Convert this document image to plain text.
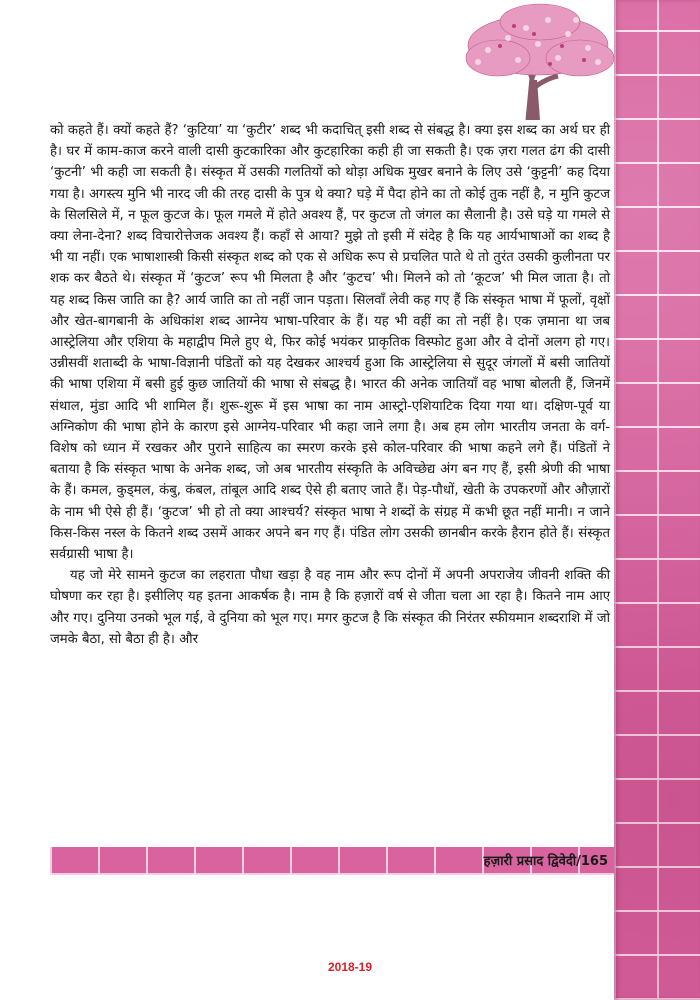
को कहते हैं। क्यों कहते हैं? ‘कुटिया’ या ‘कुटीर’ शब्द भी कदाचित् इसी शब्द से संबद्ध है। क्या इस शब्द का अर्थ घर ही है। घर में काम-काज करने वाली दासी कुटकारिका और कुटहारिका कही ही जा सकती है। एक ज़रा गलत ढंग की दासी ‘कुटनी’ भी कही जा सकती है। संस्कृत में उसकी गलतियों को थोड़ा अधिक मुखर बनाने के लिए उसे ‘कुट्टनी’ कह दिया गया है। अगस्त्य मुनि भी नारद जी की तरह दासी के पुत्र थे क्या? घड़े में पैदा होने का तो कोई तुक नहीं है, न मुनि कुटज के सिलसिले में, न फूल कुटज के। फूल गमले में होते अवश्य हैं, पर कुटज तो जंगल का सैलानी है। उसे घड़े या गमले से क्या लेना-देना? शब्द विचारोत्तेजक अवश्य हैं। कहाँ से आया? मुझे तो इसी में संदेह है कि यह आर्यभाषाओं का शब्द है भी या नहीं। एक भाषाशास्त्री किसी संस्कृत शब्द को एक से अधिक रूप से प्रचलित पाते थे तो तुरंत उसकी कुलीनता पर शक कर बैठते थे। संस्कृत में ‘कुटज’ रूप भी मिलता है और ‘कुटच’ भी। मिलने को तो ‘कूटज’ भी मिल जाता है। तो यह शब्द किस जाति का है? आर्य जाति का तो नहीं जान पड़ता। सिलवाँ लेवी कह गए हैं कि संस्कृत भाषा में फूलों, वृक्षों और खेत-बागबानी के अधिकांश शब्द आग्नेय भाषा-परिवार के हैं। यह भी वहीं का तो नहीं है। एक ज़माना था जब आस्ट्रेलिया और एशिया के महाद्वीप मिले हुए थे, फिर कोई भयंकर प्राकृतिक विस्फोट हुआ और वे दोनों अलग हो गए। उन्नीसवीं शताब्दी के भाषा-विज्ञानी पंडितों को यह देखकर आश्चर्य हुआ कि आस्ट्रेलिया से सुदूर जंगलों में बसी जातियों की भाषा एशिया में बसी हुई कुछ जातियों की भाषा से संबद्ध है। भारत की अनेक जातियाँ वह भाषा बोलती हैं, जिनमें संथाल, मुंडा आदि भी शामिल हैं। शुरू-शुरू में इस भाषा का नाम आस्ट्रो-एशियाटिक दिया गया था। दक्षिण-पूर्व या अग्निकोण की भाषा होने के कारण इसे आग्नेय-परिवार भी कहा जाने लगा है। अब हम लोग भारतीय जनता के वर्ग-विशेष को ध्यान में रखकर और पुराने साहित्य का स्मरण करके इसे कोल-परिवार की भाषा कहने लगे हैं। पंडितों ने बताया है कि संस्कृत भाषा के अनेक शब्द, जो अब भारतीय संस्कृति के अविच्छेद्य अंग बन गए हैं, इसी श्रेणी की भाषा के हैं। कमल, कुड्मल, कंबु, कंबल, तांबूल आदि शब्द ऐसे ही बताए जाते हैं। पेड़-पौधों, खेती के उपकरणों और औज़ारों के नाम भी ऐसे ही हैं। ‘कुटज’ भी हो तो क्या आश्चर्य? संस्कृत भाषा ने शब्दों के संग्रह में कभी छूत नहीं मानी। न जाने किस-किस नस्ल के कितने शब्द उसमें आकर अपने बन गए हैं। पंडित लोग उसकी छानबीन करके हैरान होते हैं। संस्कृत सर्वग्रासी भाषा है।

यह जो मेरे सामने कुटज का लहराता पौधा खड़ा है वह नाम और रूप दोनों में अपनी अपराजेय जीवनी शक्ति की घोषणा कर रहा है। इसीलिए यह इतना आकर्षक है। नाम है कि हज़ारों वर्ष से जीता चला आ रहा है। कितने नाम आए और गए। दुनिया उनको भूल गई, वे दुनिया को भूल गए। मगर कुटज है कि संस्कृत की निरंतर स्फीयमान शब्दराशि में जो जमके बैठा, सो बैठा ही है। और

हज़ारी प्रसाद द्विवेदी/165
2018-19
